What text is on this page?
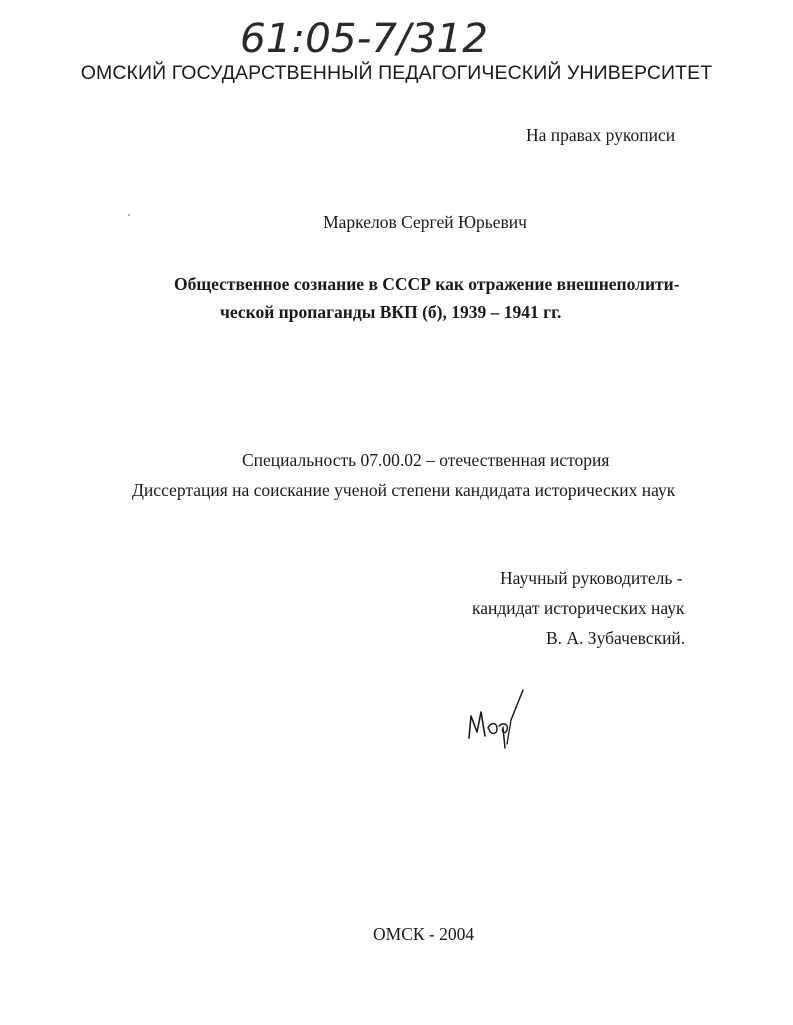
61:05-7/312
ОМСКИЙ ГОСУДАРСТВЕННЫЙ ПЕДАГОГИЧЕСКИЙ УНИВЕРСИТЕТ
На правах рукописи
Маркелов Сергей Юрьевич
Общественное сознание в СССР как отражение внешнеполити-
ческой пропаганды ВКП (б), 1939 – 1941 гг.
Специальность 07.00.02 – отечественная история
Диссертация на соискание ученой степени кандидата исторических наук
Научный руководитель -
кандидат исторических наук
В. А. Зубачевский.
ОМСК - 2004
